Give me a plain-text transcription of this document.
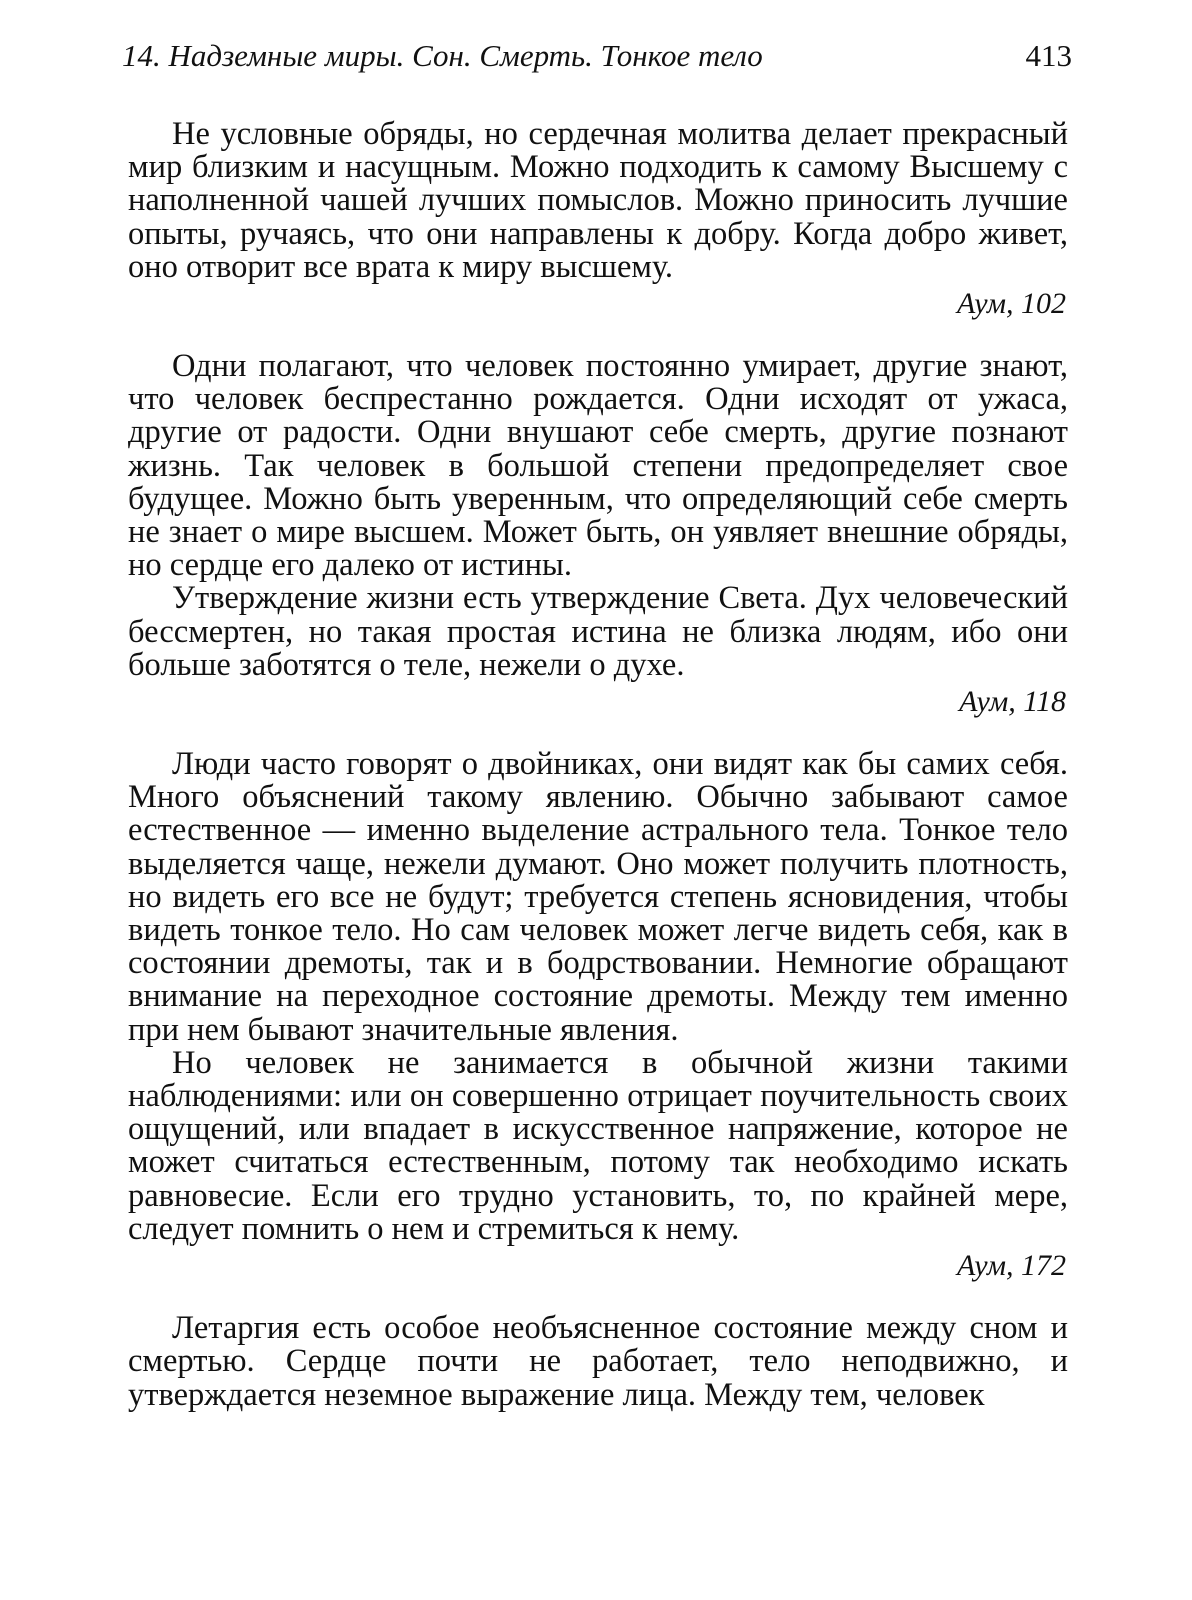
14. Надземные миры. Сон. Смерть. Тонкое тело	413

Не условные обряды, но сердечная молитва делает прекрасный мир близким и насущным. Можно подходить к самому Высшему с наполненной чашей лучших помыслов. Можно приносить лучшие опыты, ручаясь, что они направлены к добру. Когда добро живет, оно отворит все врата к миру высшему.

Аум, 102

Одни полагают, что человек постоянно умирает, другие знают, что человек беспрестанно рождается. Одни исходят от ужаса, другие от радости. Одни внушают себе смерть, другие познают жизнь. Так человек в большой степени предопределяет свое будущее. Можно быть уверенным, что определяющий себе смерть не знает о мире высшем. Может быть, он уявляет внешние обряды, но сердце его далеко от истины.

Утверждение жизни есть утверждение Света. Дух человеческий бессмертен, но такая простая истина не близка людям, ибо они больше заботятся о теле, нежели о духе.

Аум, 118

Люди часто говорят о двойниках, они видят как бы самих себя. Много объяснений такому явлению. Обычно забывают самое естественное — именно выделение астрального тела. Тонкое тело выделяется чаще, нежели думают. Оно может получить плотность, но видеть его все не будут; требуется степень ясновидения, чтобы видеть тонкое тело. Но сам человек может легче видеть себя, как в состоянии дремоты, так и в бодрствовании. Немногие обращают внимание на переходное состояние дремоты. Между тем именно при нем бывают значительные явления.

Но человек не занимается в обычной жизни такими наблюдениями: или он совершенно отрицает поучительность своих ощущений, или впадает в искусственное напряжение, которое не может считаться естественным, потому так необходимо искать равновесие. Если его трудно установить, то, по крайней мере, следует помнить о нем и стремиться к нему.

Аум, 172

Летаргия есть особое необъясненное состояние между сном и смертью. Сердце почти не работает, тело неподвижно, и утверждается неземное выражение лица. Между тем, человек
